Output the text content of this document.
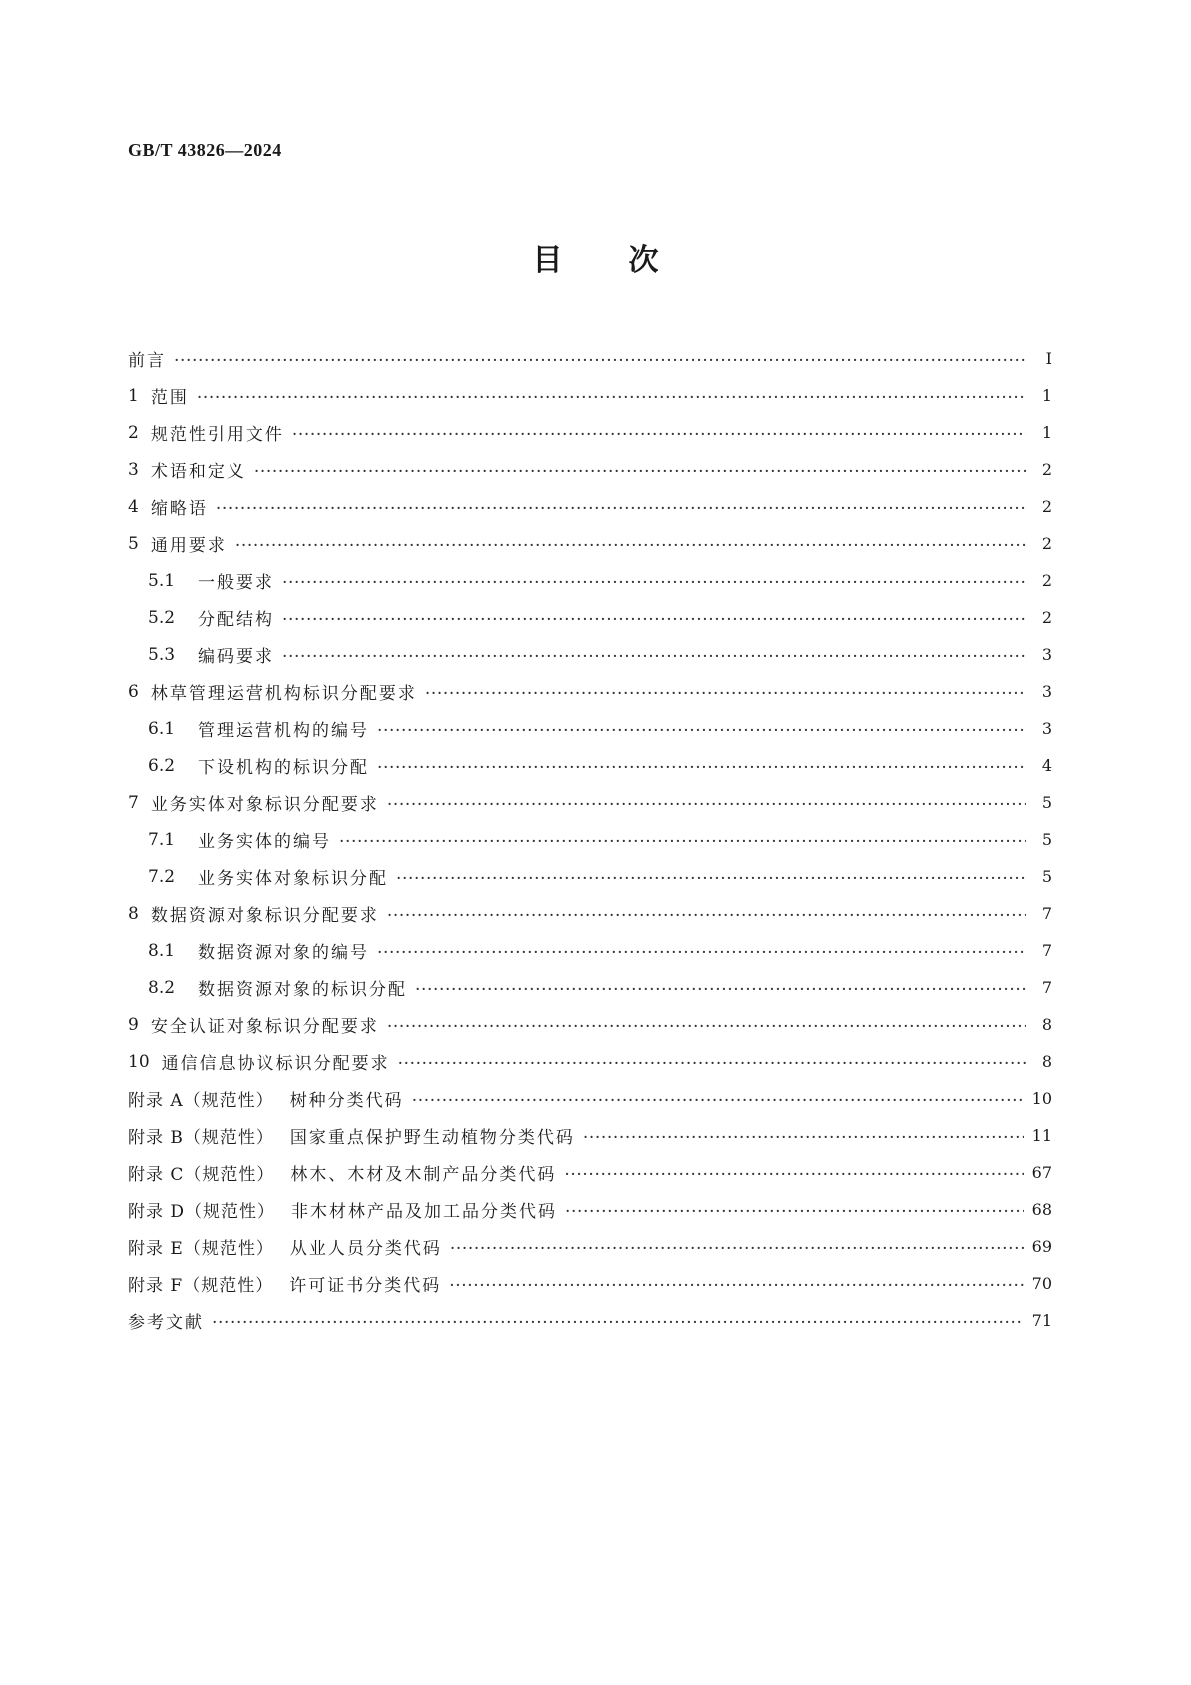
GB/T 43826—2024
目 次
前言 ·····	Ⅰ
1 范围 ·····	1
2 规范性引用文件 ·····	1
3 术语和定义 ·····	2
4 缩略语 ·····	2
5 通用要求 ·····	2
5.1 一般要求 ·····	2
5.2 分配结构 ·····	2
5.3 编码要求 ·····	3
6 林草管理运营机构标识分配要求 ·····	3
6.1 管理运营机构的编号 ·····	3
6.2 下设机构的标识分配 ·····	4
7 业务实体对象标识分配要求 ·····	5
7.1 业务实体的编号 ·····	5
7.2 业务实体对象标识分配 ·····	5
8 数据资源对象标识分配要求 ·····	7
8.1 数据资源对象的编号 ·····	7
8.2 数据资源对象的标识分配 ·····	7
9 安全认证对象标识分配要求 ·····	8
10 通信信息协议标识分配要求 ·····	8
附录 A（规范性） 树种分类代码 ·····	10
附录 B（规范性） 国家重点保护野生动植物分类代码 ·····	11
附录 C（规范性） 林木、木材及木制产品分类代码 ·····	67
附录 D（规范性） 非木材林产品及加工品分类代码 ·····	68
附录 E（规范性） 从业人员分类代码 ·····	69
附录 F（规范性） 许可证书分类代码 ·····	70
参考文献 ·····	71
